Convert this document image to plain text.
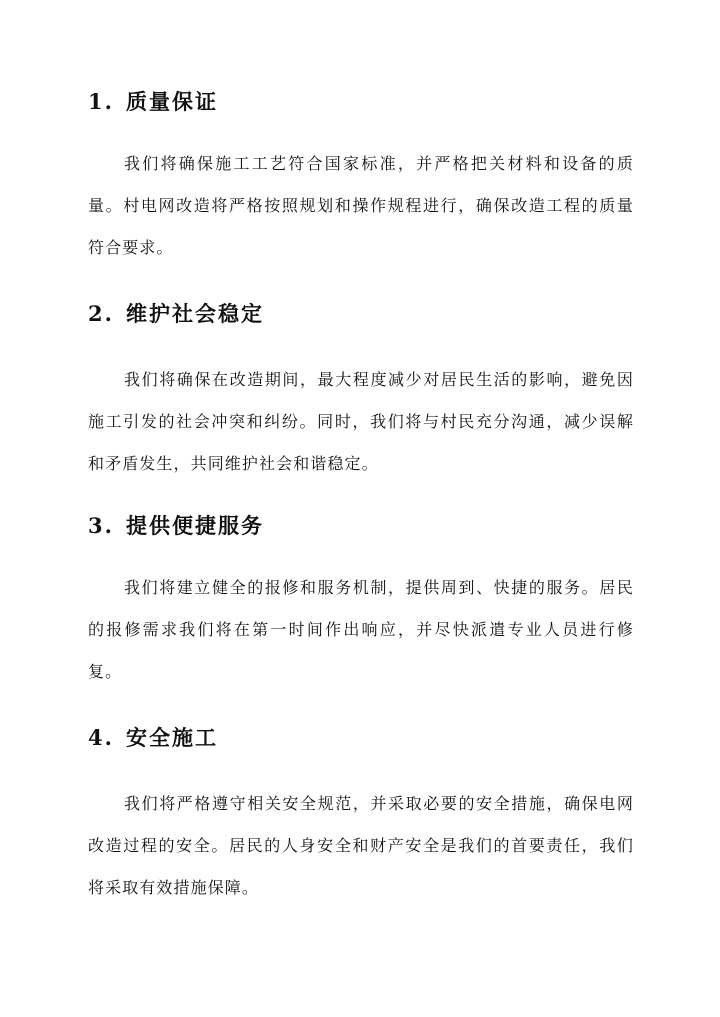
1. 质量保证

我们将确保施工工艺符合国家标准，并严格把关材料和设备的质量。村电网改造将严格按照规划和操作规程进行，确保改造工程的质量符合要求。

2. 维护社会稳定

我们将确保在改造期间，最大程度减少对居民生活的影响，避免因施工引发的社会冲突和纠纷。同时，我们将与村民充分沟通，减少误解和矛盾发生，共同维护社会和谐稳定。

3. 提供便捷服务

我们将建立健全的报修和服务机制，提供周到、快捷的服务。居民的报修需求我们将在第一时间作出响应，并尽快派遣专业人员进行修复。

4. 安全施工

我们将严格遵守相关安全规范，并采取必要的安全措施，确保电网改造过程的安全。居民的人身安全和财产安全是我们的首要责任，我们将采取有效措施保障。
